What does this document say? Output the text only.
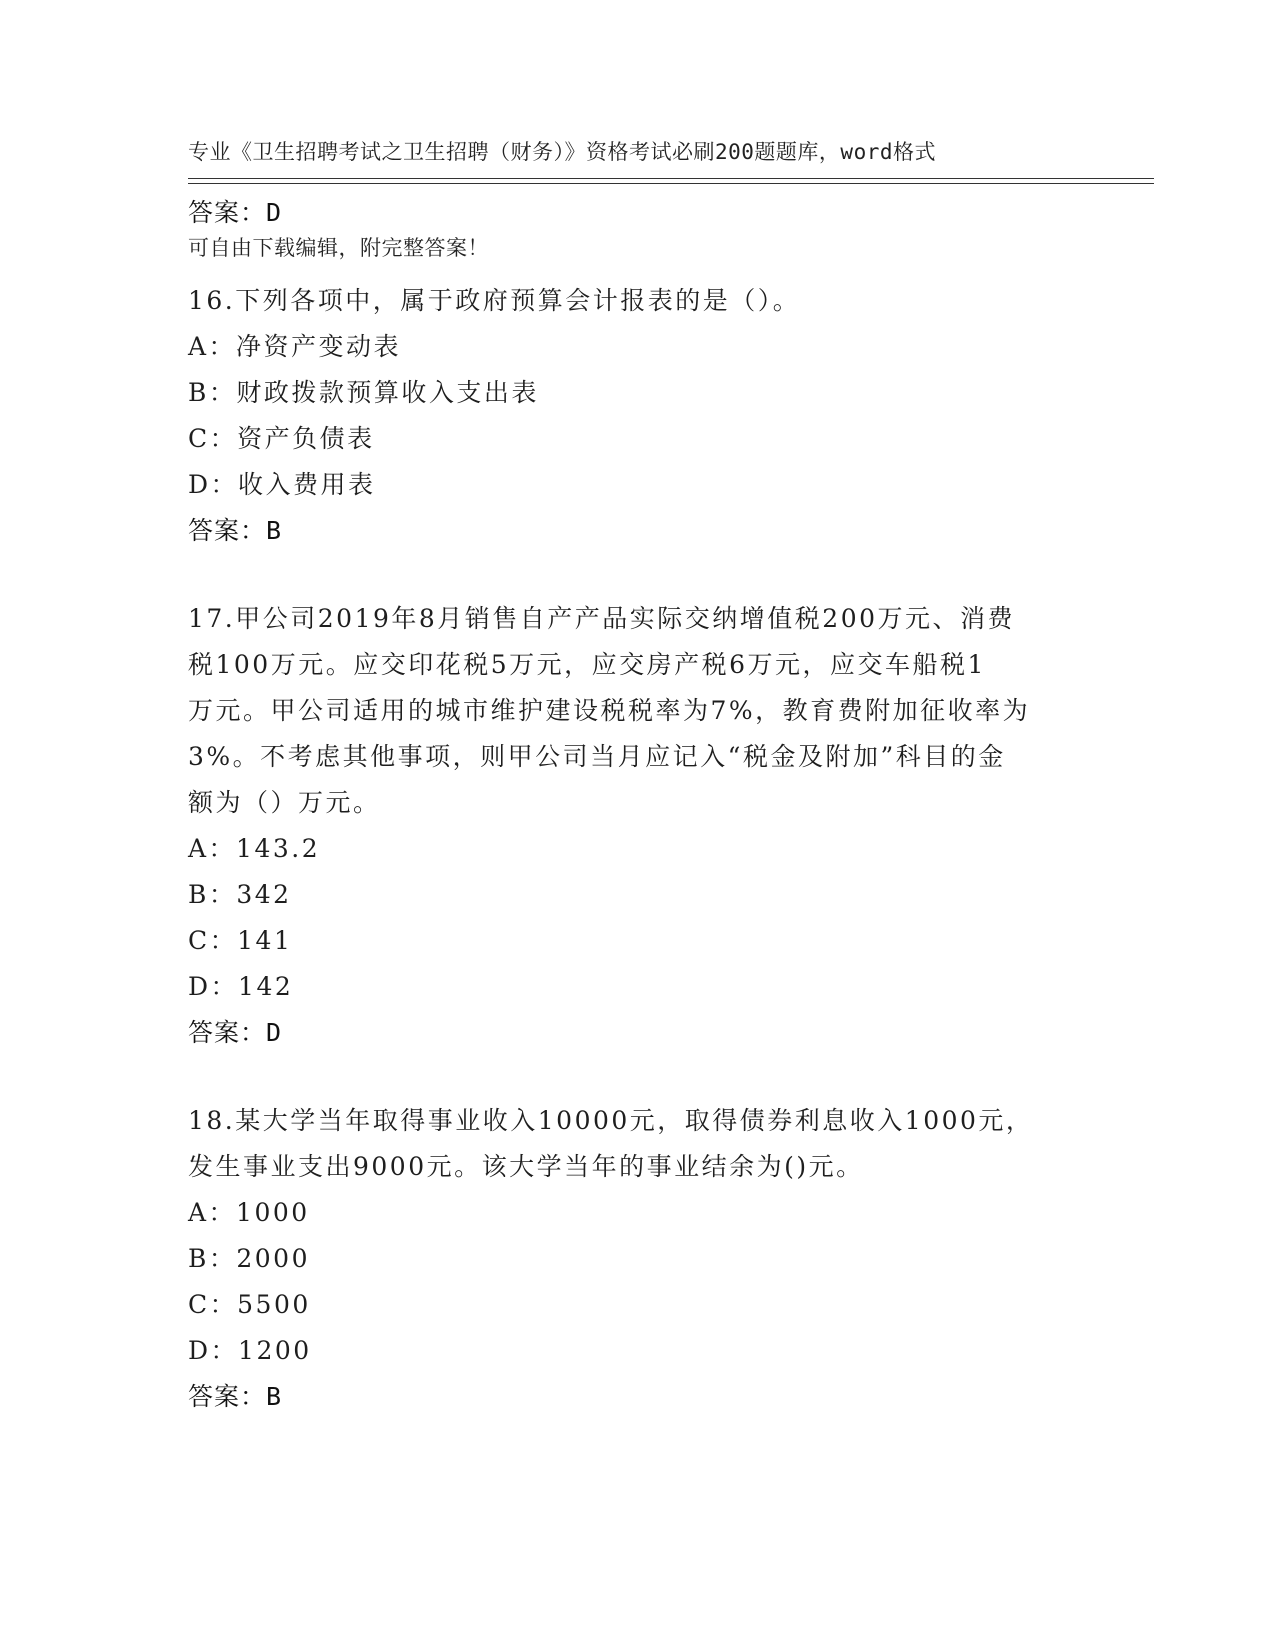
专业《卫生招聘考试之卫生招聘（财务）》资格考试必刷200题题库，word格式

可自由下载编辑，附完整答案！

答案：D
16.下列各项中，属于政府预算会计报表的是（）。
A：净资产变动表
B：财政拨款预算收入支出表
C：资产负债表
D：收入费用表
答案：B
17.甲公司2019年8月销售自产产品实际交纳增值税200万元、消费
税100万元。应交印花税5万元，应交房产税6万元，应交车船税1
万元。甲公司适用的城市维护建设税税率为7%，教育费附加征收率为
3%。不考虑其他事项，则甲公司当月应记入“税金及附加”科目的金
额为（）万元。
A：143.2
B：342
C：141
D：142
答案：D
18.某大学当年取得事业收入10000元，取得债券利息收入1000元，
发生事业支出9000元。该大学当年的事业结余为()元。
A：1000
B：2000
C：5500
D：1200
答案：B
